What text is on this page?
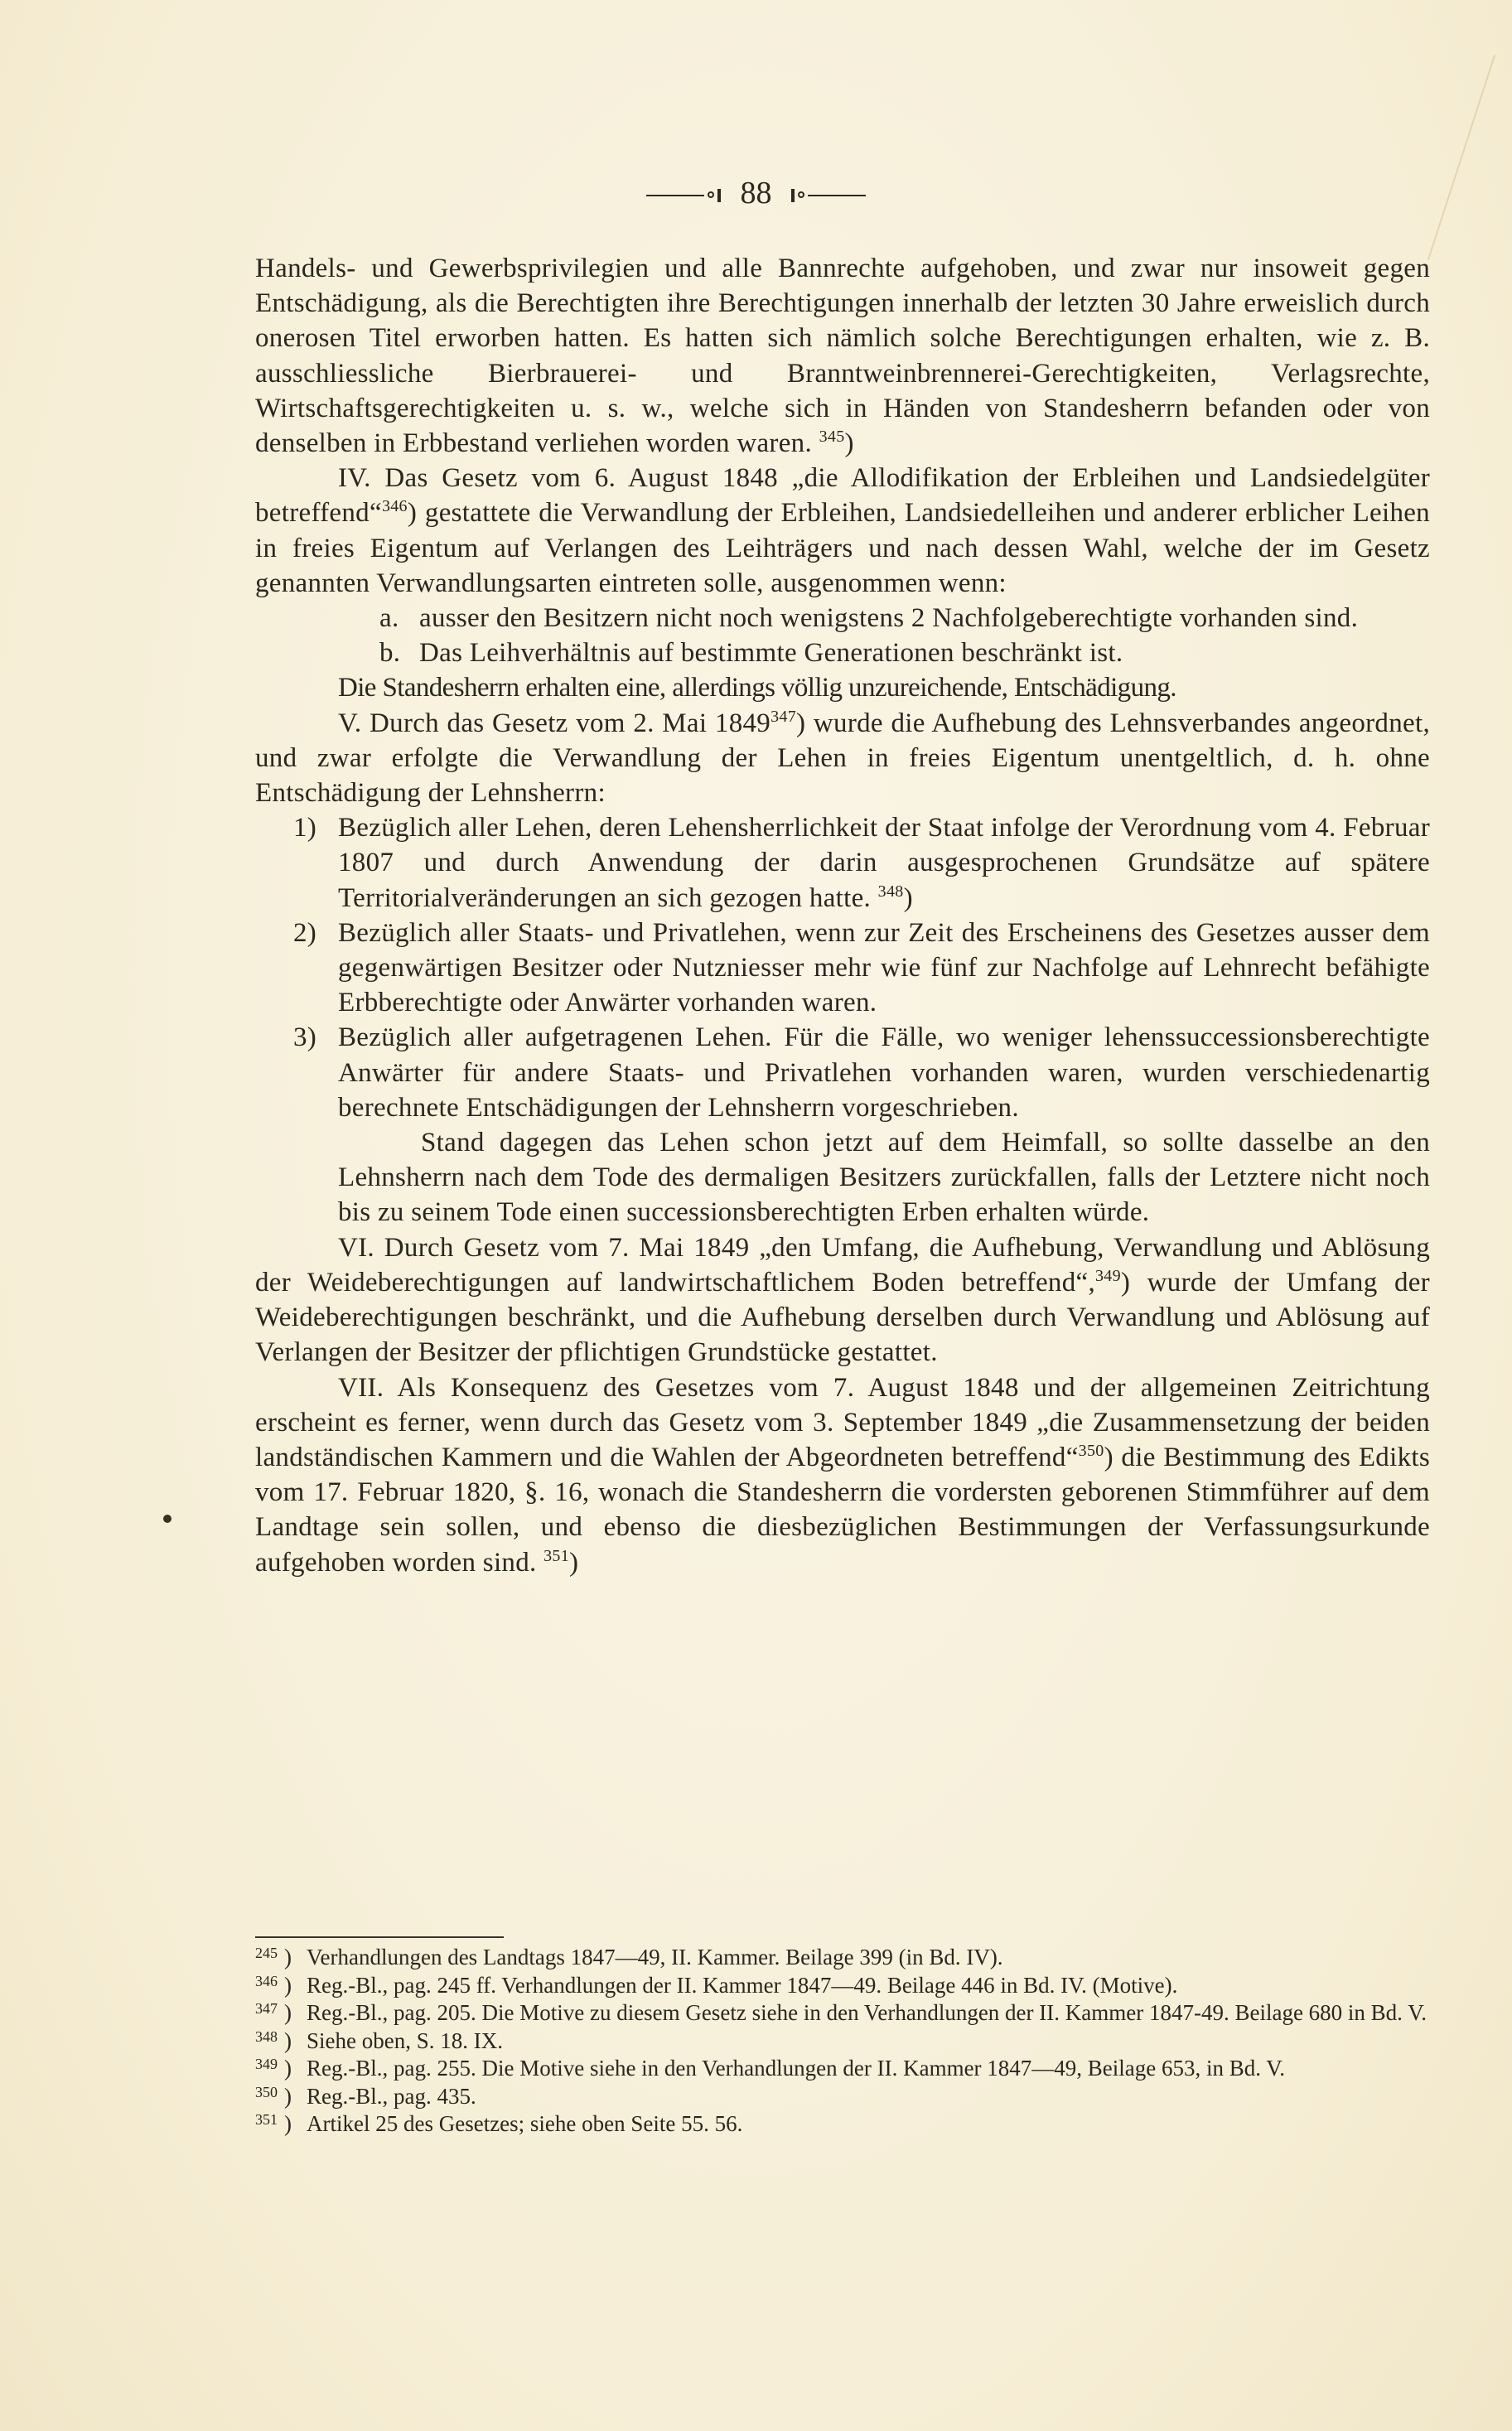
88

Handels- und Gewerbsprivilegien und alle Bannrechte aufgehoben, und zwar nur insoweit gegen Entschädigung, als die Berechtigten ihre Berechtigungen innerhalb der letzten 30 Jahre erweislich durch onerosen Titel erworben hatten. Es hatten sich nämlich solche Berechtigungen erhalten, wie z. B. ausschliessliche Bierbrauerei- und Branntweinbrennerei-Gerechtigkeiten, Verlagsrechte, Wirtschaftsgerechtigkeiten u. s. w., welche sich in Händen von Standesherrn befanden oder von denselben in Erbbestand verliehen worden waren. $^{345}$)

IV. Das Gesetz vom 6. August 1848 „die Allodifikation der Erbleihen und Landsiedelgüter betreffend“$^{346}$) gestattete die Verwandlung der Erbleihen, Landsiedelleihen und anderer erblicher Leihen in freies Eigentum auf Verlangen des Leihträgers und nach dessen Wahl, welche der im Gesetz genannten Verwandlungsarten eintreten solle, ausgenommen wenn:

a. ausser den Besitzern nicht noch wenigstens 2 Nachfolgeberechtigte vorhanden sind.
b. Das Leihverhältnis auf bestimmte Generationen beschränkt ist.

Die Standesherrn erhalten eine, allerdings völlig unzureichende, Entschädigung.

V. Durch das Gesetz vom 2. Mai 1849$^{347}$) wurde die Aufhebung des Lehnsverbandes angeordnet, und zwar erfolgte die Verwandlung der Lehen in freies Eigentum unentgeltlich, d. h. ohne Entschädigung der Lehnsherrn:

1) Bezüglich aller Lehen, deren Lehensherrlichkeit der Staat infolge der Verordnung vom 4. Februar 1807 und durch Anwendung der darin ausgesprochenen Grundsätze auf spätere Territorialveränderungen an sich gezogen hatte. $^{348}$)

2) Bezüglich aller Staats- und Privatlehen, wenn zur Zeit des Erscheinens des Gesetzes ausser dem gegenwärtigen Besitzer oder Nutzniesser mehr wie fünf zur Nachfolge auf Lehnrecht befähigte Erbberechtigte oder Anwärter vorhanden waren.

3) Bezüglich aller aufgetragenen Lehen. Für die Fälle, wo weniger lehenssuccessionsberechtigte Anwärter für andere Staats- und Privatlehen vorhanden waren, wurden verschiedenartig berechnete Entschädigungen der Lehnsherrn vorgeschrieben.

Stand dagegen das Lehen schon jetzt auf dem Heimfall, so sollte dasselbe an den Lehnsherrn nach dem Tode des dermaligen Besitzers zurückfallen, falls der Letztere nicht noch bis zu seinem Tode einen successionsberechtigten Erben erhalten würde.

VI. Durch Gesetz vom 7. Mai 1849 „den Umfang, die Aufhebung, Verwandlung und Ablösung der Weideberechtigungen auf landwirtschaftlichem Boden betreffend“,$^{349}$) wurde der Umfang der Weideberechtigungen beschränkt, und die Aufhebung derselben durch Verwandlung und Ablösung auf Verlangen der Besitzer der pflichtigen Grundstücke gestattet.

VII. Als Konsequenz des Gesetzes vom 7. August 1848 und der allgemeinen Zeitrichtung erscheint es ferner, wenn durch das Gesetz vom 3. September 1849 „die Zusammensetzung der beiden landständischen Kammern und die Wahlen der Abgeordneten betreffend“$^{350}$) die Bestimmung des Edikts vom 17. Februar 1820, §. 16, wonach die Standesherrn die vordersten geborenen Stimmführer auf dem Landtage sein sollen, und ebenso die diesbezüglichen Bestimmungen der Verfassungsurkunde aufgehoben worden sind. $^{351}$)

245 ) Verhandlungen des Landtags 1847—49, II. Kammer. Beilage 399 (in Bd. IV).
346 ) Reg.-Bl., pag. 245 ff. Verhandlungen der II. Kammer 1847—49. Beilage 446 in Bd. IV. (Motive).
347 ) Reg.-Bl., pag. 205. Die Motive zu diesem Gesetz siehe in den Verhandlungen der II. Kammer 1847-49. Beilage 680 in Bd. V.
348 ) Siehe oben, S. 18. IX.
349 ) Reg.-Bl., pag. 255. Die Motive siehe in den Verhandlungen der II. Kammer 1847—49, Beilage 653, in Bd. V.
350 ) Reg.-Bl., pag. 435.
351 ) Artikel 25 des Gesetzes; siehe oben Seite 55. 56.
